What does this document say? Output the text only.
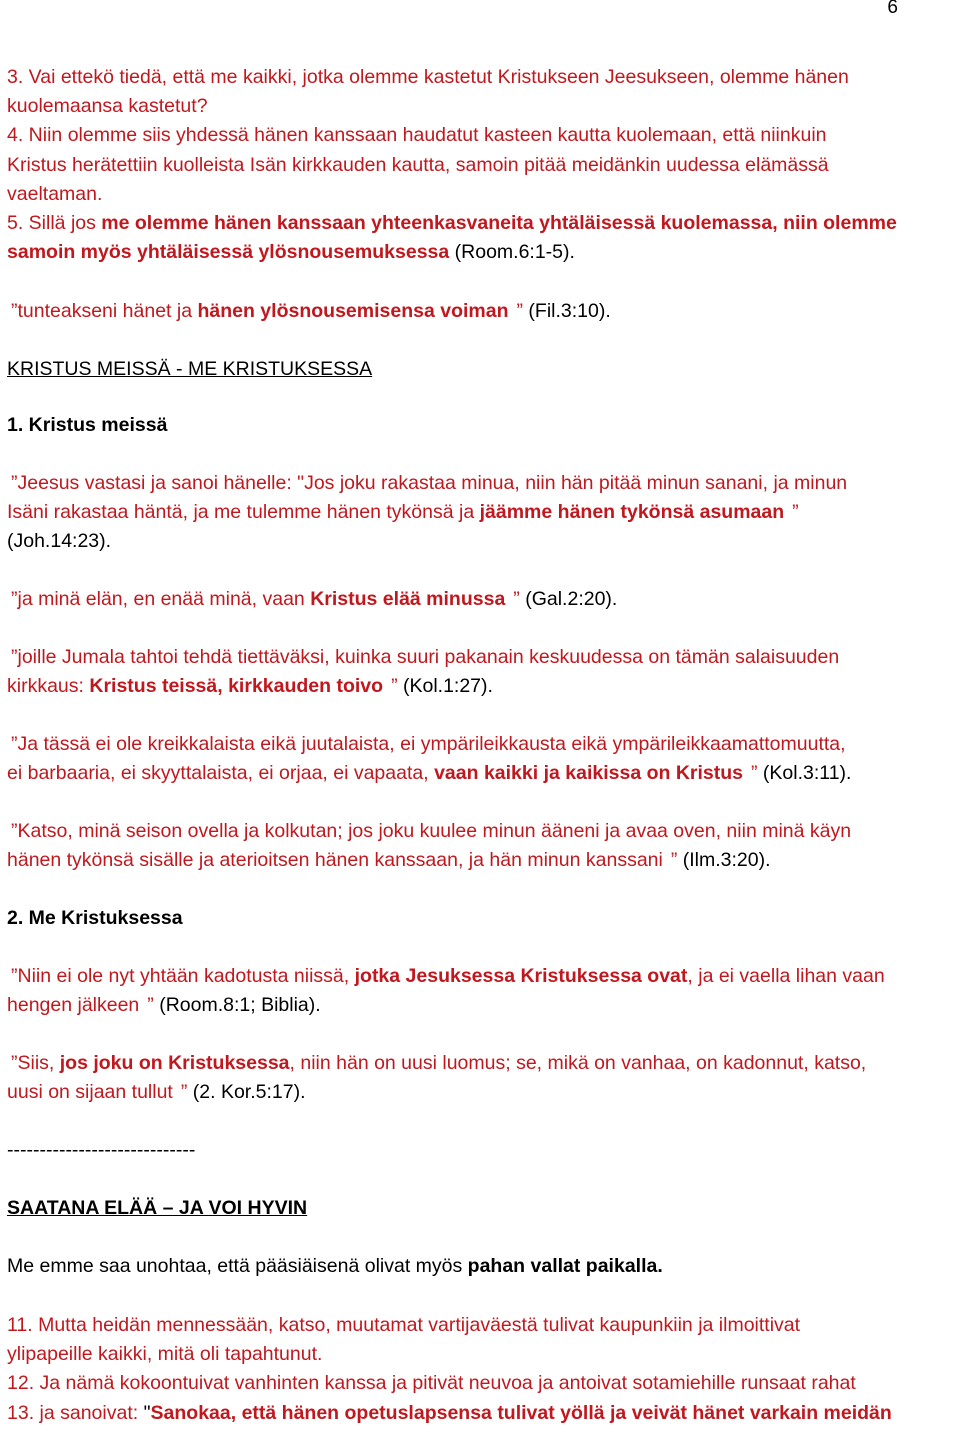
6
3. Vai ettekö tiedä, että me kaikki, jotka olemme kastetut Kristukseen Jeesukseen, olemme hänen
kuolemaansa kastetut?
4. Niin olemme siis yhdessä hänen kanssaan haudatut kasteen kautta kuolemaan, että niinkuin
Kristus herätettiin kuolleista Isän kirkkauden kautta, samoin pitää meidänkin uudessa elämässä
vaeltaman.
5. Sillä jos me olemme hänen kanssaan yhteenkasvaneita yhtäläisessä kuolemassa, niin olemme
samoin myös yhtäläisessä ylösnousemuksessa (Room.6:1-5).
”tunteakseni hänet ja hänen ylösnousemisensa voiman ” (Fil.3:10).
KRISTUS MEISSÄ - ME KRISTUKSESSA
1. Kristus meissä
”Jeesus vastasi ja sanoi hänelle: "Jos joku rakastaa minua, niin hän pitää minun sanani, ja minun
Isäni rakastaa häntä, ja me tulemme hänen tykönsä ja jäämme hänen tykönsä asumaan ”
(Joh.14:23).
”ja minä elän, en enää minä, vaan Kristus elää minussa ” (Gal.2:20).
”joille Jumala tahtoi tehdä tiettäväksi, kuinka suuri pakanain keskuudessa on tämän salaisuuden
kirkkaus: Kristus teissä, kirkkauden toivo ” (Kol.1:27).
”Ja tässä ei ole kreikkalaista eikä juutalaista, ei ympärileikkausta eikä ympärileikkaamattomuutta,
ei barbaaria, ei skyyttalaista, ei orjaa, ei vapaata, vaan kaikki ja kaikissa on Kristus ” (Kol.3:11).
”Katso, minä seison ovella ja kolkutan; jos joku kuulee minun ääneni ja avaa oven, niin minä käyn
hänen tykönsä sisälle ja aterioitsen hänen kanssaan, ja hän minun kanssani ” (Ilm.3:20).
2. Me Kristuksessa
”Niin ei ole nyt yhtään kadotusta niissä, jotka Jesuksessa Kristuksessa ovat, ja ei vaella lihan vaan
hengen jälkeen ” (Room.8:1; Biblia).
”Siis, jos joku on Kristuksessa, niin hän on uusi luomus; se, mikä on vanhaa, on kadonnut, katso,
uusi on sijaan tullut ” (2. Kor.5:17).
-----------------------------
SAATANA ELÄÄ – JA VOI HYVIN
Me emme saa unohtaa, että pääsiäisenä olivat myös pahan vallat paikalla.
11. Mutta heidän mennessään, katso, muutamat vartijaväestä tulivat kaupunkiin ja ilmoittivat
ylipapeille kaikki, mitä oli tapahtunut.
12. Ja nämä kokoontuivat vanhinten kanssa ja pitivät neuvoa ja antoivat sotamiehille runsaat rahat
13. ja sanoivat: "Sanokaa, että hänen opetuslapsensa tulivat yöllä ja veivät hänet varkain meidän
